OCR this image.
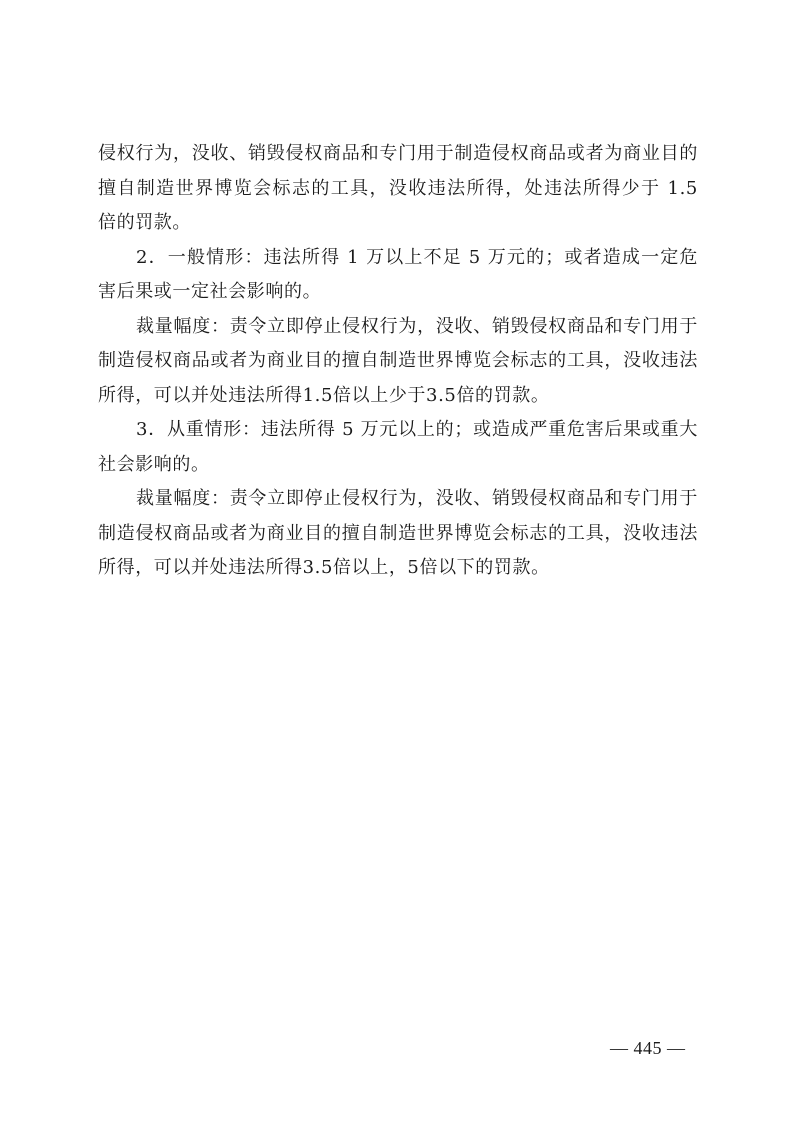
侵权行为，没收、销毁侵权商品和专门用于制造侵权商品或者为商业目的擅自制造世界博览会标志的工具，没收违法所得，处违法所得少于 1.5 倍的罚款。

2．一般情形：违法所得 1 万以上不足 5 万元的；或者造成一定危害后果或一定社会影响的。

裁量幅度：责令立即停止侵权行为，没收、销毁侵权商品和专门用于制造侵权商品或者为商业目的擅自制造世界博览会标志的工具，没收违法所得，可以并处违法所得1.5倍以上少于3.5倍的罚款。

3．从重情形：违法所得 5 万元以上的；或造成严重危害后果或重大社会影响的。

裁量幅度：责令立即停止侵权行为，没收、销毁侵权商品和专门用于制造侵权商品或者为商业目的擅自制造世界博览会标志的工具，没收违法所得，可以并处违法所得3.5倍以上，5倍以下的罚款。

— 445 —
